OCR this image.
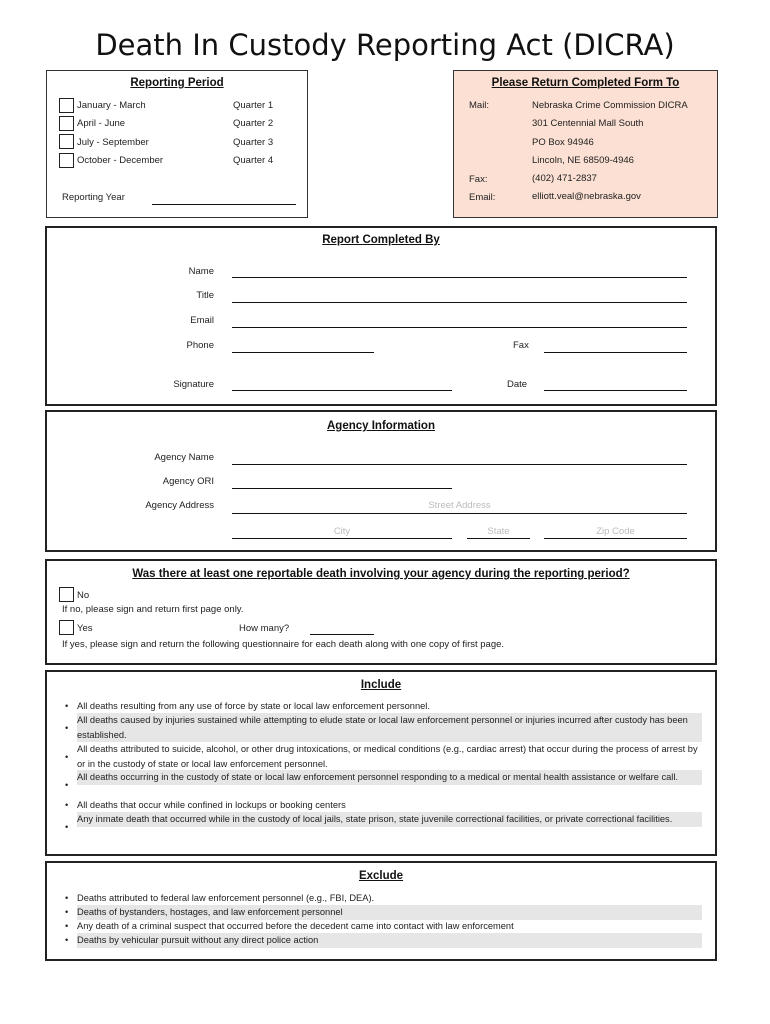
Death In Custody Reporting Act (DICRA)
Reporting Period
January - March	Quarter 1
April - June	Quarter 2
July - September	Quarter 3
October - December	Quarter 4
Reporting Year
Please Return Completed Form To
Mail:	Nebraska Crime Commission DICRA
301 Centennial Mall South
PO Box 94946
Lincoln, NE 68509-4946
Fax:	(402) 471-2837
Email:	elliott.veal@nebraska.gov
Report Completed By
Name
Title
Email
Phone	Fax
Signature	Date
Agency Information
Agency Name
Agency ORI
Agency Address	Street Address
City	State	Zip Code
Was there at least one reportable death involving your agency during the reporting period?
No
If no, please sign and return first page only.
Yes	How many?
If yes, please sign and return the following questionnaire for each death along with one copy of first page.
Include
• All deaths resulting from any use of force by state or local law enforcement personnel.
•
All deaths caused by injuries sustained while attempting to elude state or local law enforcement personnel or injuries incurred after custody has been established.
•
All deaths attributed to suicide, alcohol, or other drug intoxications, or medical conditions (e.g., cardiac arrest) that occur during the process of arrest by or in the custody of state or local law enforcement personnel.
•
All deaths occurring in the custody of state or local law enforcement personnel responding to a medical or mental health assistance or welfare call.
• All deaths that occur while confined in lockups or booking centers
•
Any inmate death that occurred while in the custody of local jails, state prison, state juvenile correctional facilities, or private correctional facilities.
Exclude
• Deaths attributed to federal law enforcement personnel (e.g., FBI, DEA).
• Deaths of bystanders, hostages, and law enforcement personnel
• Any death of a criminal suspect that occurred before the decedent came into contact with law enforcement
• Deaths by vehicular pursuit without any direct police action
